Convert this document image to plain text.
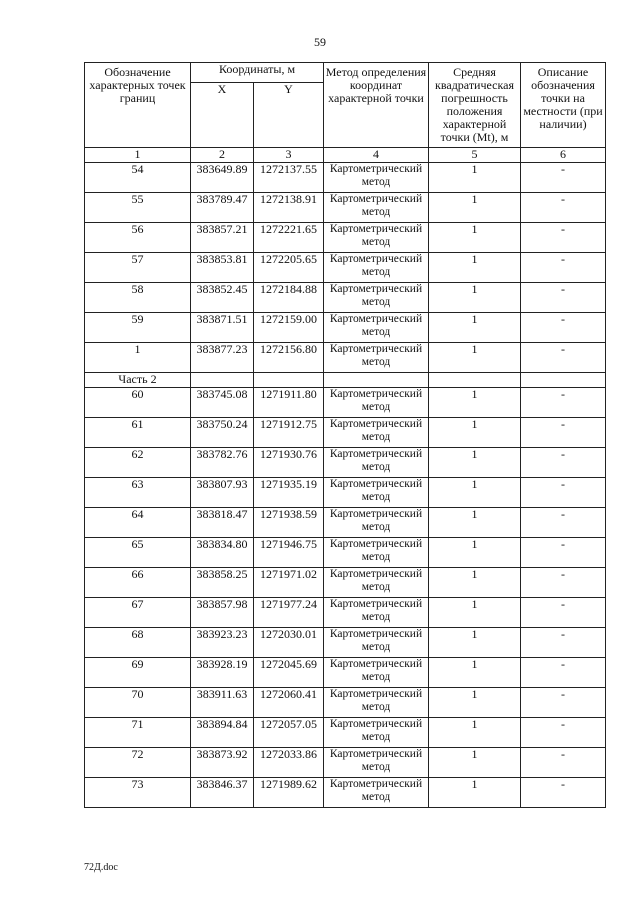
59
Обозначение характерных точек границ	Координаты, м		Метод определения координат характерной точки	Средняя квадратическая погрешность положения характерной точки (Mt), м	Описание обозначения точки на местности (при наличии)

	X	Y			
1	2	3	4	5	6
54	383649.89	1272137.55	Картометрический метод	1	-
55	383789.47	1272138.91	Картометрический метод	1	-
56	383857.21	1272221.65	Картометрический метод	1	-
57	383853.81	1272205.65	Картометрический метод	1	-
58	383852.45	1272184.88	Картометрический метод	1	-
59	383871.51	1272159.00	Картометрический метод	1	-
1	383877.23	1272156.80	Картометрический метод	1	-
Часть 2					
60	383745.08	1271911.80	Картометрический метод	1	-
61	383750.24	1271912.75	Картометрический метод	1	-
62	383782.76	1271930.76	Картометрический метод	1	-
63	383807.93	1271935.19	Картометрический метод	1	-
64	383818.47	1271938.59	Картометрический метод	1	-
65	383834.80	1271946.75	Картометрический метод	1	-
66	383858.25	1271971.02	Картометрический метод	1	-
67	383857.98	1271977.24	Картометрический метод	1	-
68	383923.23	1272030.01	Картометрический метод	1	-
69	383928.19	1272045.69	Картометрический метод	1	-
70	383911.63	1272060.41	Картометрический метод	1	-
71	383894.84	1272057.05	Картометрический метод	1	-
72	383873.92	1272033.86	Картометрический метод	1	-
73	383846.37	1271989.62	Картометрический метод	1	-
72Д.doc
